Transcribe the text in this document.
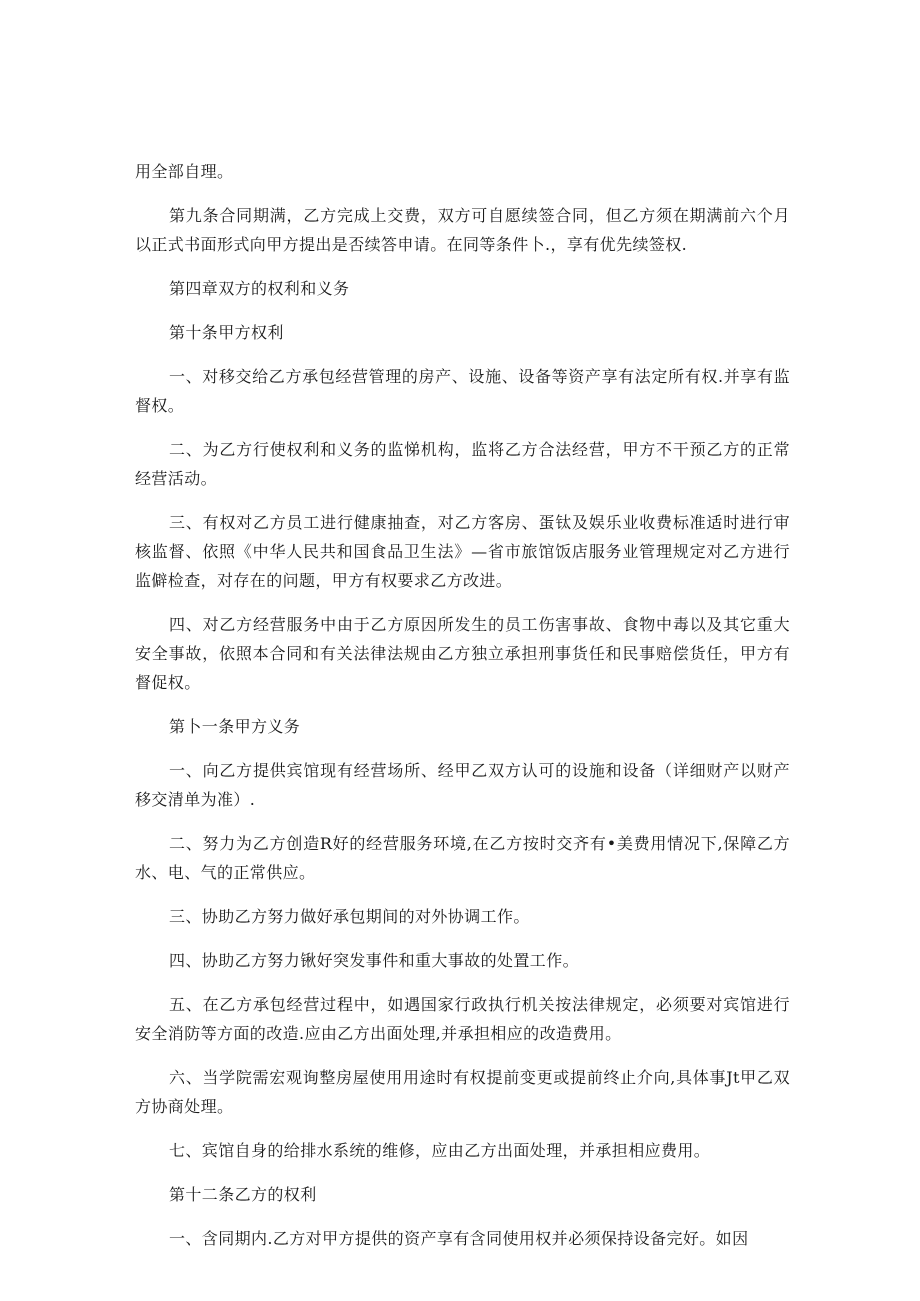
用全部自理。

第九条合同期满，乙方完成上交费，双方可自愿续签合同，但乙方须在期满前六个月以正式书面形式向甲方提出是否续答申请。在同等条件卜.，享有优先续签权.

第四章双方的权利和义务

第十条甲方权利

一、对移交给乙方承包经营管理的房产、设施、设备等资产享有法定所有权.并享有监督权。

二、为乙方行使权利和义务的监悌机构，监将乙方合法经营，甲方不干预乙方的正常经营活动。

三、有权对乙方员工进行健康抽查，对乙方客房、蛋钛及娱乐业收费标准适时进行审核监督、依照《中华人民共和国食品卫生法》—省市旅馆饭店服务业管理规定对乙方进行监僻检查，对存在的问题，甲方有权要求乙方改进。

四、对乙方经营服务中由于乙方原因所发生的员工伤害事故、食物中毒以及其它重大安全事故，依照本合同和有关法律法规由乙方独立承担刑事货任和民事赔偿货任，甲方有督促权。

第卜一条甲方义务

一、向乙方提供宾馆现有经营场所、经甲乙双方认可的设施和设备（详细财产以财产移交清单为准）.

二、努力为乙方创造R好的经营服务环境,在乙方按时交齐有•美费用情况下,保障乙方水、电、气的正常供应。

三、协助乙方努力做好承包期间的对外协调工作。

四、协助乙方努力锹好突发事件和重大事故的处置工作。

五、在乙方承包经营过程中，如遇国家行政执行机关按法律规定，必须要对宾馆进行安全消防等方面的改造.应由乙方出面处理,并承担相应的改造费用。

六、当学院需宏观询整房屋使用用途时有权提前变更或提前终止介向,具体事Jt甲乙双方协商处理。

七、宾馆自身的给排水系统的维修，应由乙方出面处理，并承担相应费用。

第十二条乙方的权利

一、含同期内.乙方对甲方提供的资产享有含同使用权并必须保持设备完好。如因
